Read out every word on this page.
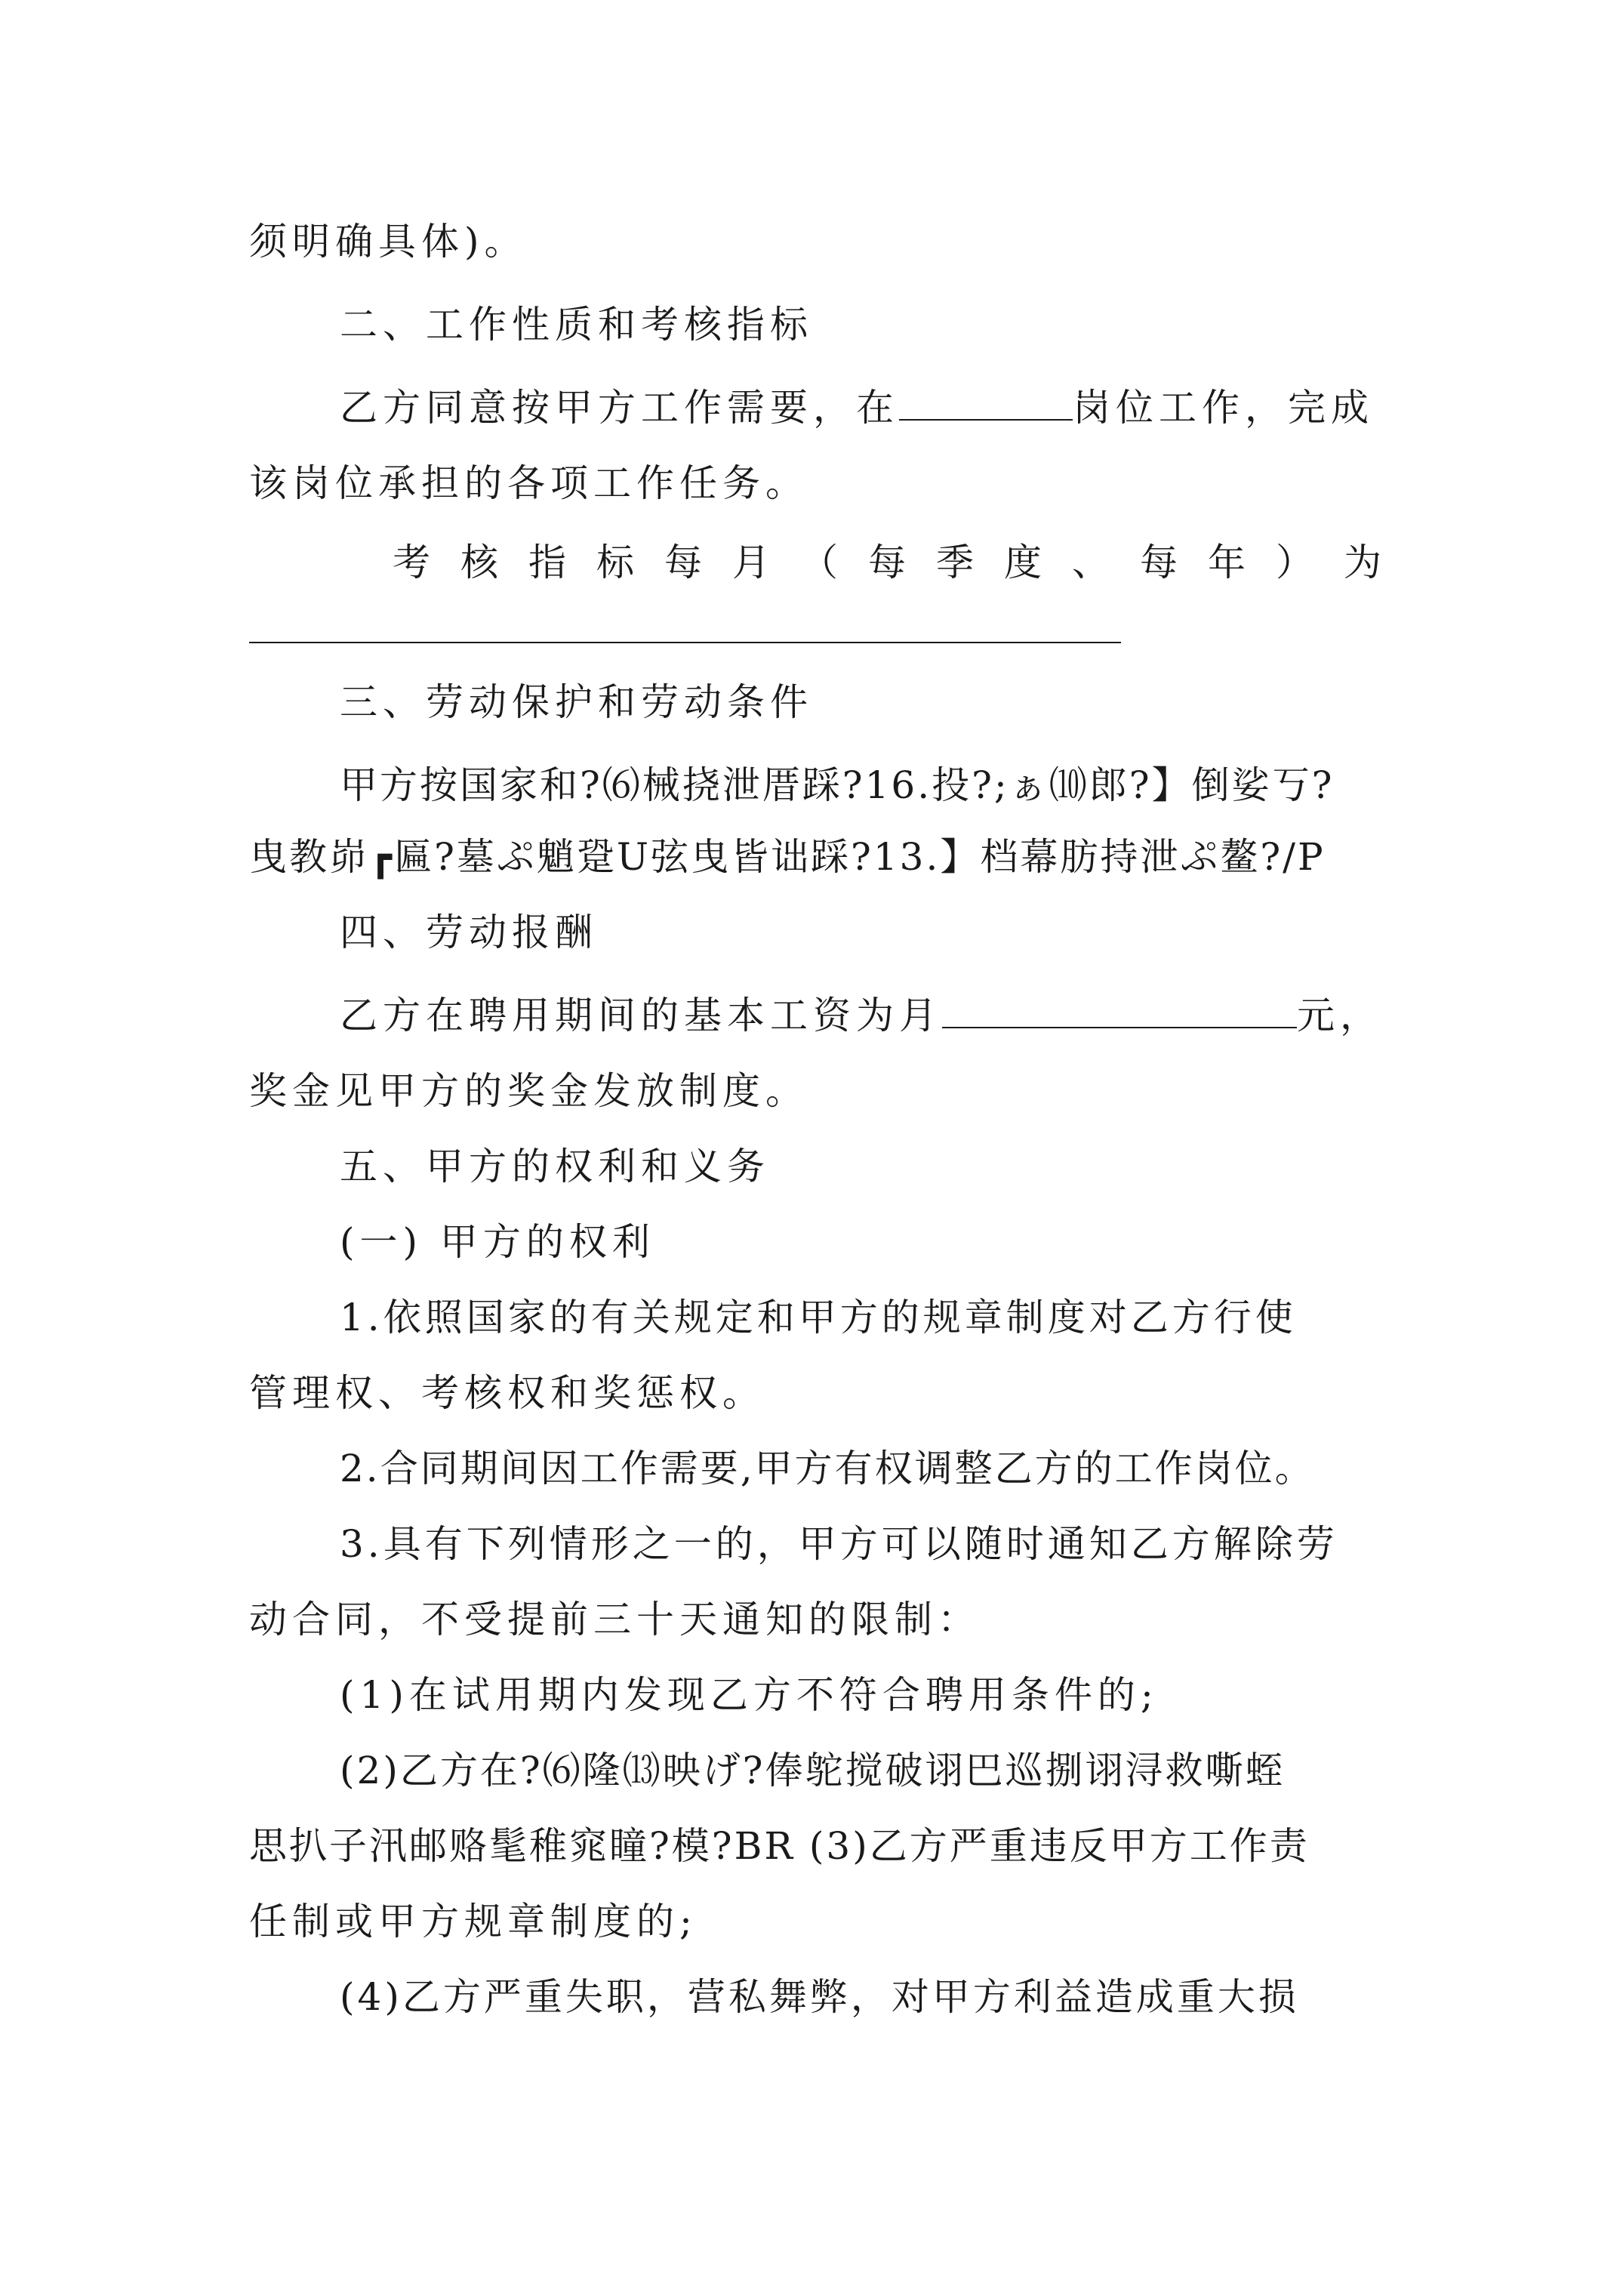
须明确具体)。
二、工作性质和考核指标
乙方同意按甲方工作需要，在	岗位工作，完成
该岗位承担的各项工作任务。
考 核 指 标 每 月 （ 每 季 度 、 每 年 ） 为
三、劳动保护和劳动条件
甲方按国家和?⑹械挠泄厝踩?16.投?;ぁ⑽郎?】倒娑丂?
曳教峁┏匾?墓ぷ魈跫U弦曳皆诎踩?13.】档幕肪持泄ぷ鳌?/P
四、劳动报酬
乙方在聘用期间的基本工资为月	元，
奖金见甲方的奖金发放制度。
五、甲方的权利和义务
(一) 甲方的权利
1.依照国家的有关规定和甲方的规章制度对乙方行使
管理权、考核权和奖惩权。
2.合同期间因工作需要,甲方有权调整乙方的工作岗位。
3.具有下列情形之一的，甲方可以随时通知乙方解除劳
动合同，不受提前三十天通知的限制：
(1)在试用期内发现乙方不符合聘用条件的;
(2)乙方在?⑹隆⒀映げ?俸鸵搅破诩巴巡捌诩浔救嘶蛭
思扒子汛邮赂髦稚窕瞳?模?BR (3)乙方严重违反甲方工作责
任制或甲方规章制度的;
(4)乙方严重失职，营私舞弊，对甲方利益造成重大损
